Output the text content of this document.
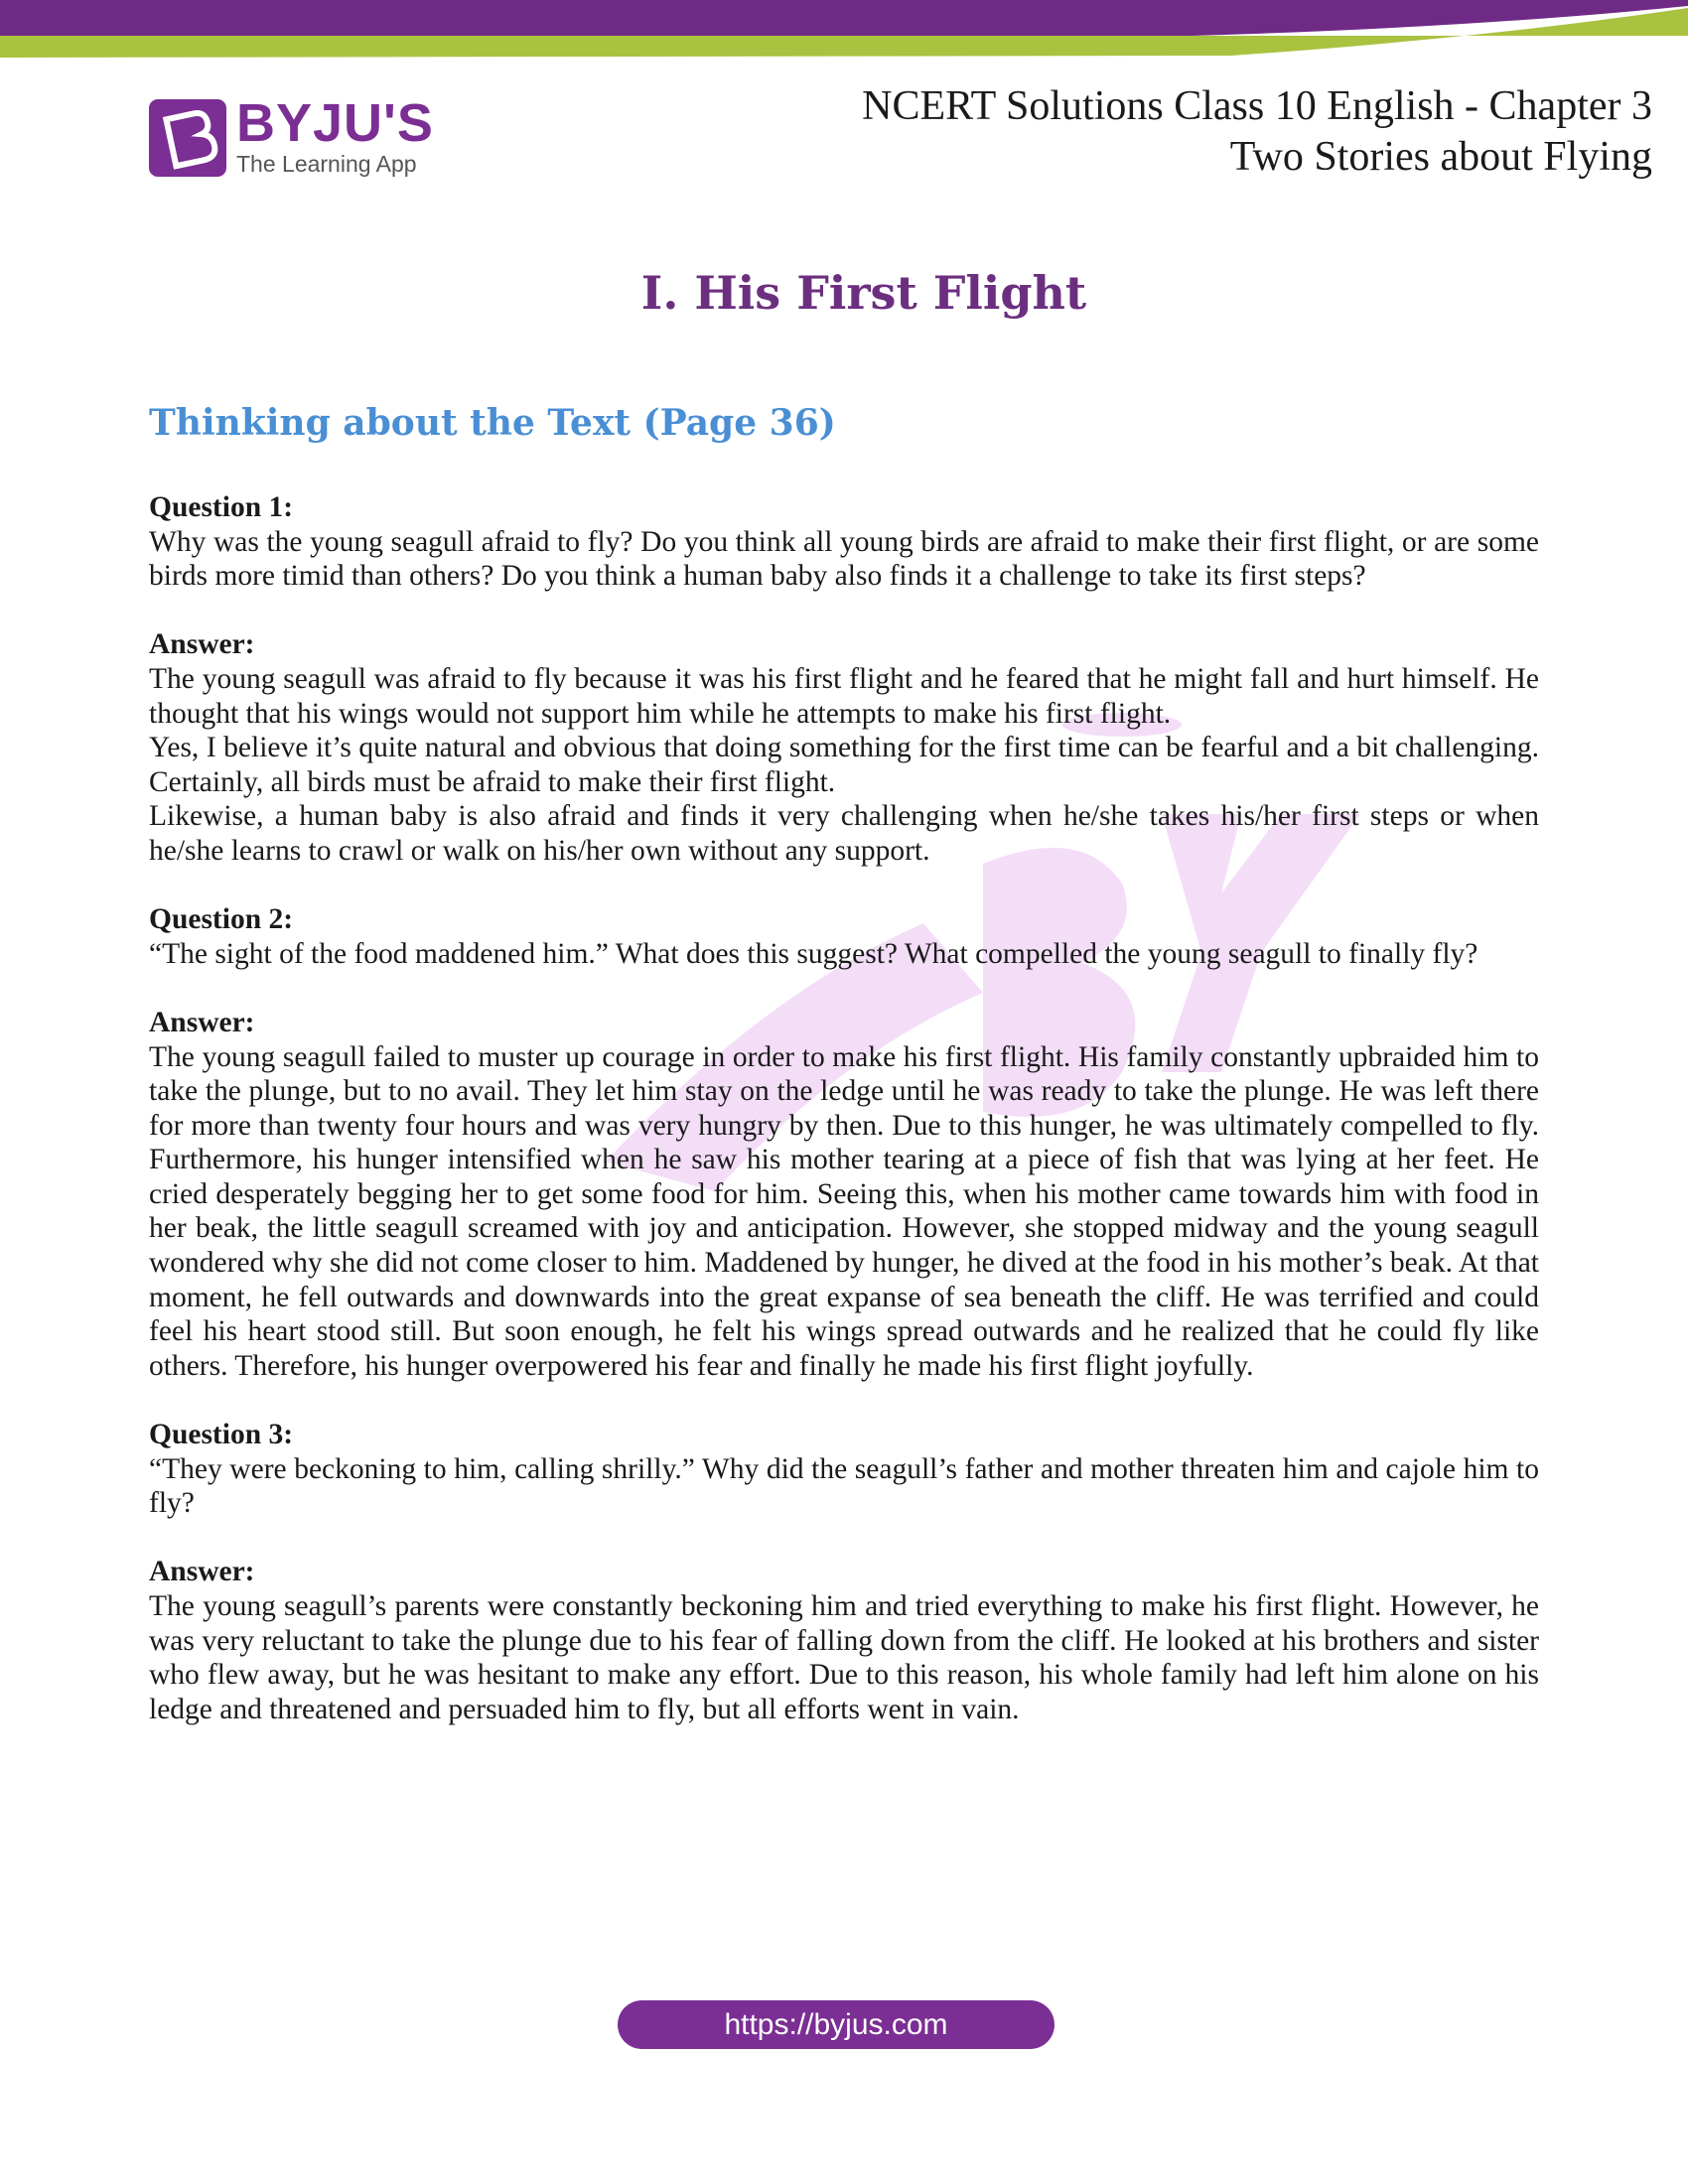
BYJU'S
The Learning App
NCERT Solutions Class 10 English - Chapter 3
Two Stories about Flying
I. His First Flight
Thinking about the Text (Page 36)

Question 1:

Why was the young seagull afraid to fly? Do you think all young birds are afraid to make their first flight, or are some birds more timid than others? Do you think a human baby also finds it a challenge to take its first steps?

Answer:

The young seagull was afraid to fly because it was his first flight and he feared that he might fall and hurt himself. He thought that his wings would not support him while he attempts to make his first flight.

Yes, I believe it’s quite natural and obvious that doing something for the first time can be fearful and a bit challenging. Certainly, all birds must be afraid to make their first flight.

Likewise, a human baby is also afraid and finds it very challenging when he/she takes his/her first steps or when he/she learns to crawl or walk on his/her own without any support.

Question 2:

“The sight of the food maddened him.” What does this suggest? What compelled the young seagull to finally fly?

Answer:

The young seagull failed to muster up courage in order to make his first flight. His family constantly upbraided him to take the plunge, but to no avail. They let him stay on the ledge until he was ready to take the plunge. He was left there for more than twenty four hours and was very hungry by then. Due to this hunger, he was ultimately compelled to fly. Furthermore, his hunger intensified when he saw his mother tearing at a piece of fish that was lying at her feet. He cried desperately begging her to get some food for him. Seeing this, when his mother came towards him with food in her beak, the little seagull screamed with joy and anticipation. However, she stopped midway and the young seagull wondered why she did not come closer to him. Maddened by hunger, he dived at the food in his mother’s beak. At that moment, he fell outwards and downwards into the great expanse of sea beneath the cliff. He was terrified and could feel his heart stood still. But soon enough, he felt his wings spread outwards and he realized that he could fly like others. Therefore, his hunger overpowered his fear and finally he made his first flight joyfully.

Question 3:

“They were beckoning to him, calling shrilly.” Why did the seagull’s father and mother threaten him and cajole him to fly?

Answer:

The young seagull’s parents were constantly beckoning him and tried everything to make his first flight. However, he was very reluctant to take the plunge due to his fear of falling down from the cliff. He looked at his brothers and sister who flew away, but he was hesitant to make any effort. Due to this reason, his whole family had left him alone on his ledge and threatened and persuaded him to fly, but all efforts went in vain.

https://byjus.com
